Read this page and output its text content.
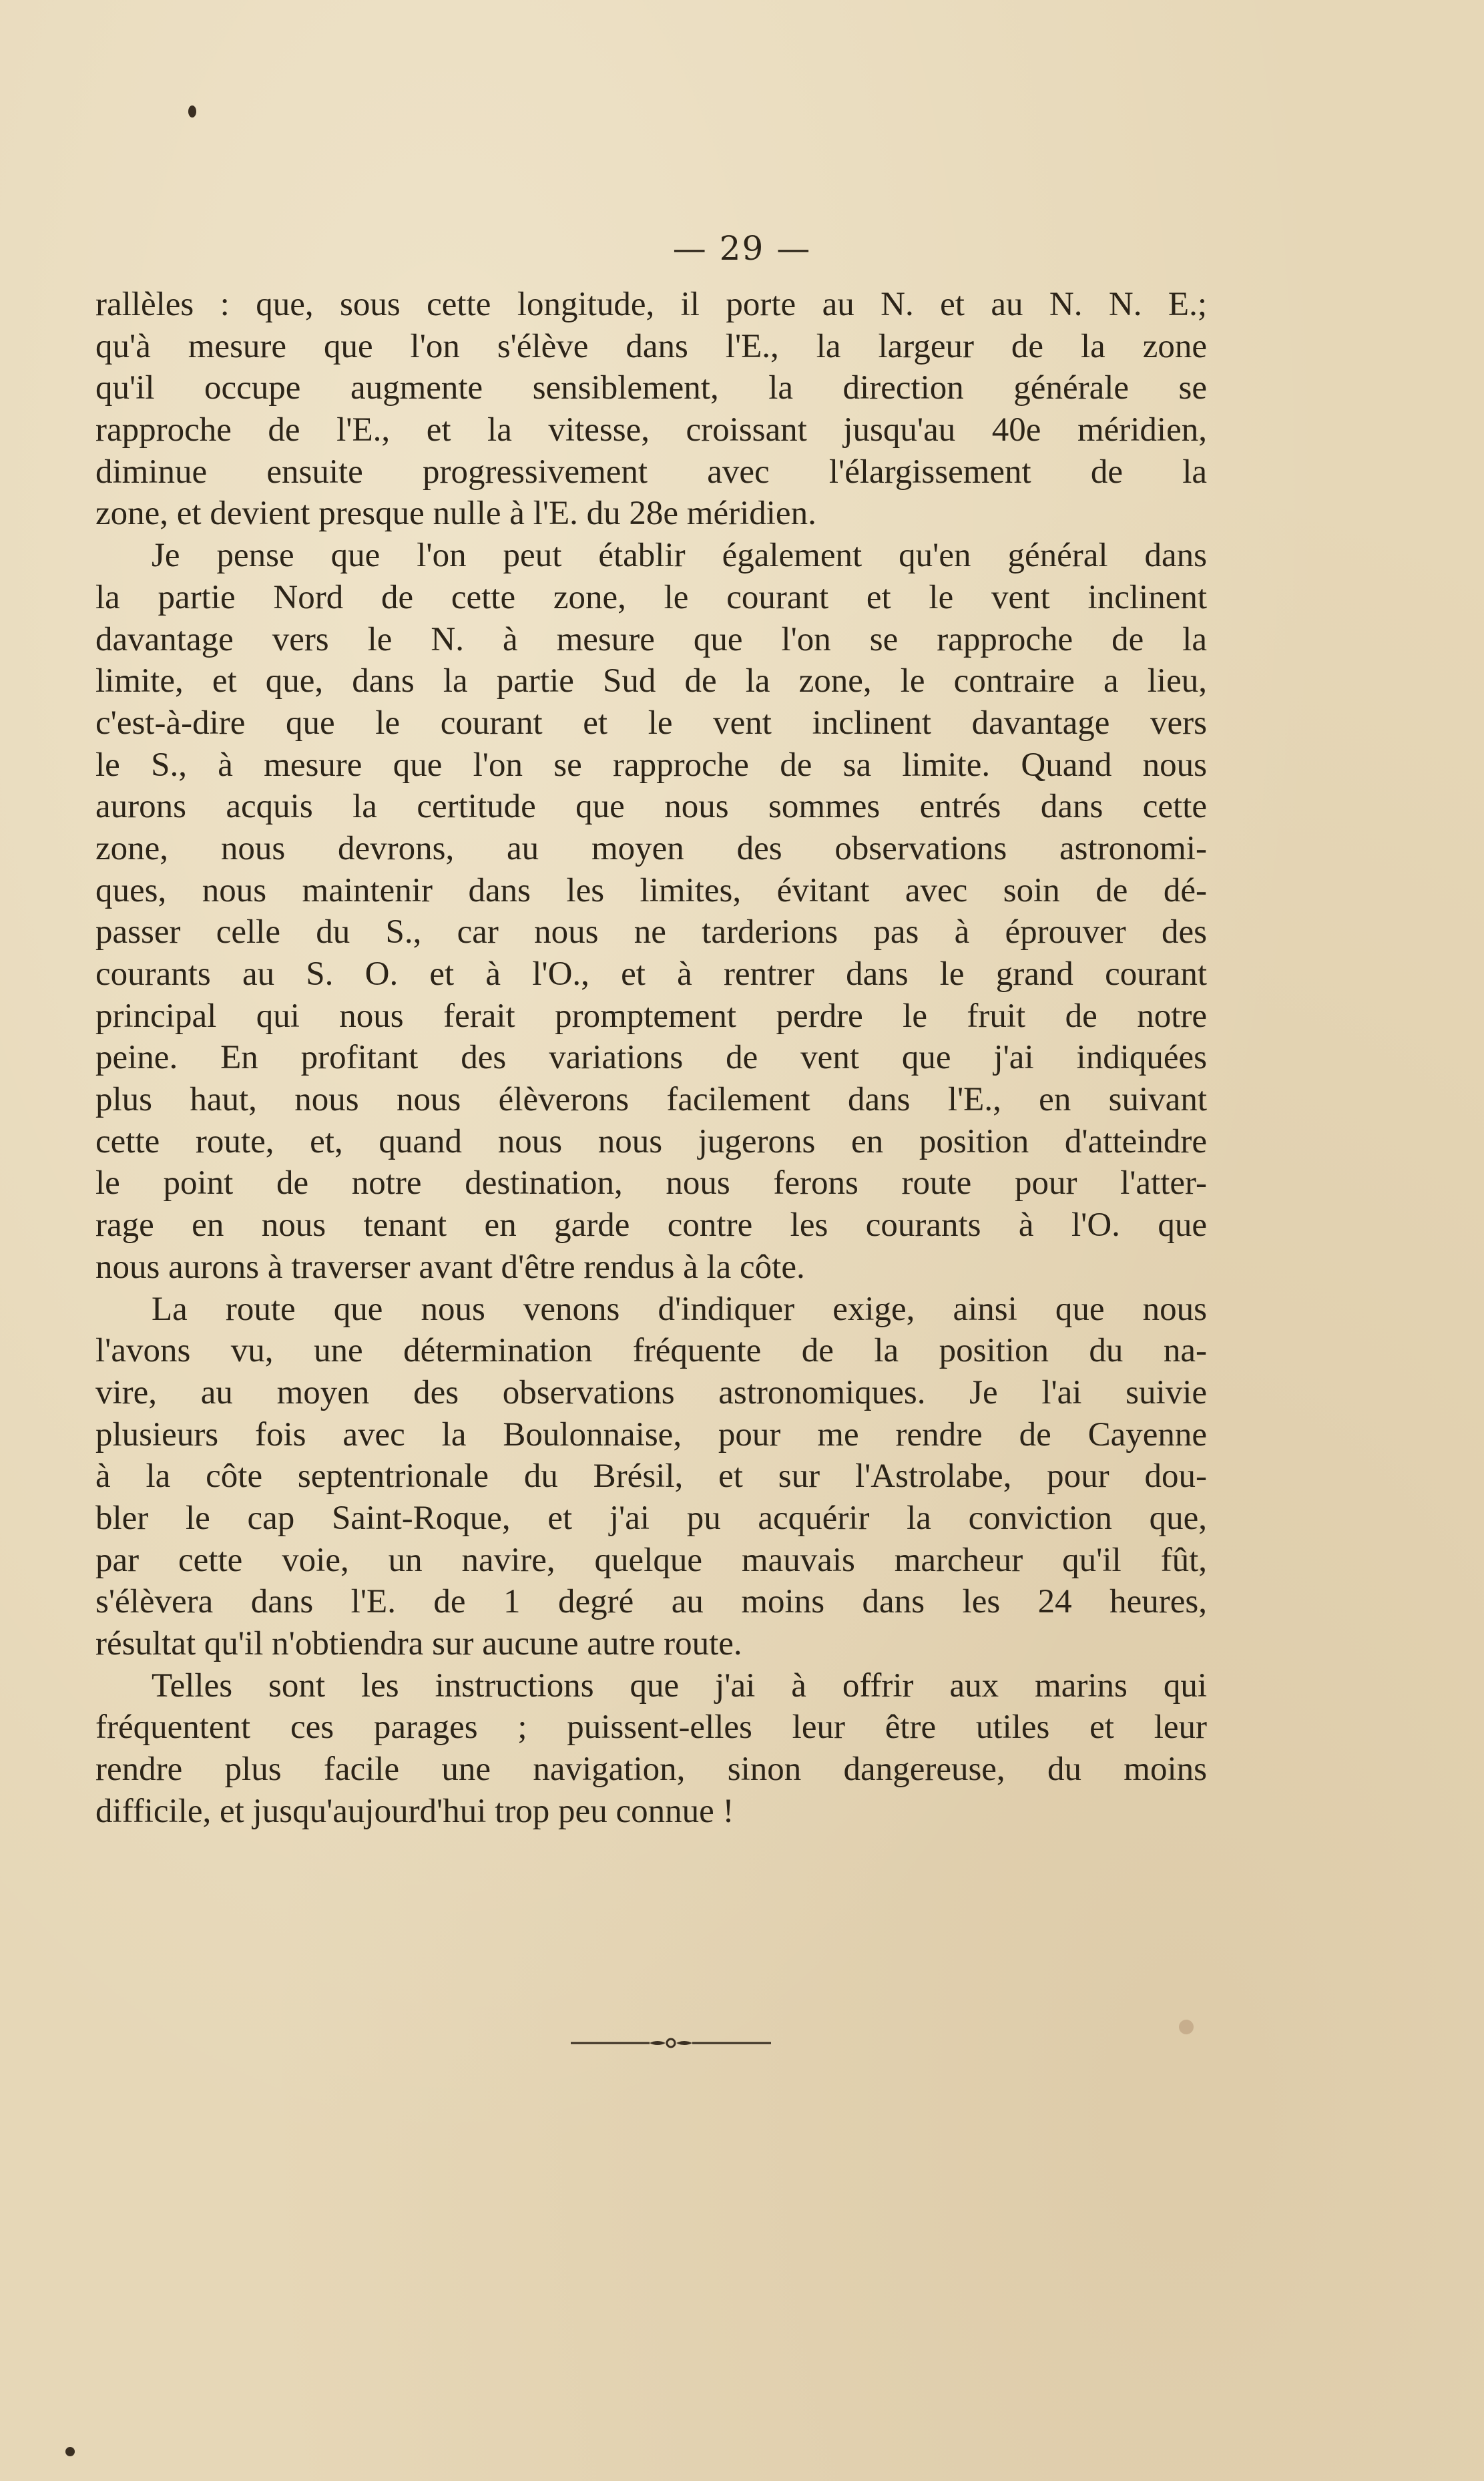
— 29 —
rallèles : que, sous cette longitude, il porte au N. et au N. N. E.;
qu'à mesure que l'on s'élève dans l'E., la largeur de la zone
qu'il occupe augmente sensiblement, la direction générale se
rapproche de l'E., et la vitesse, croissant jusqu'au 40e méridien,
diminue ensuite progressivement avec l'élargissement de la
zone, et devient presque nulle à l'E. du 28e méridien.
Je pense que l'on peut établir également qu'en général dans
la partie Nord de cette zone, le courant et le vent inclinent
davantage vers le N. à mesure que l'on se rapproche de la
limite, et que, dans la partie Sud de la zone, le contraire a lieu,
c'est-à-dire que le courant et le vent inclinent davantage vers
le S., à mesure que l'on se rapproche de sa limite. Quand nous
aurons acquis la certitude que nous sommes entrés dans cette
zone, nous devrons, au moyen des observations astronomi-
ques, nous maintenir dans les limites, évitant avec soin de dé-
passer celle du S., car nous ne tarderions pas à éprouver des
courants au S. O. et à l'O., et à rentrer dans le grand courant
principal qui nous ferait promptement perdre le fruit de notre
peine. En profitant des variations de vent que j'ai indiquées
plus haut, nous nous élèverons facilement dans l'E., en suivant
cette route, et, quand nous nous jugerons en position d'atteindre
le point de notre destination, nous ferons route pour l'atter-
rage en nous tenant en garde contre les courants à l'O. que
nous aurons à traverser avant d'être rendus à la côte.
La route que nous venons d'indiquer exige, ainsi que nous
l'avons vu, une détermination fréquente de la position du na-
vire, au moyen des observations astronomiques. Je l'ai suivie
plusieurs fois avec la Boulonnaise, pour me rendre de Cayenne
à la côte septentrionale du Brésil, et sur l'Astrolabe, pour dou-
bler le cap Saint-Roque, et j'ai pu acquérir la conviction que,
par cette voie, un navire, quelque mauvais marcheur qu'il fût,
s'élèvera dans l'E. de 1 degré au moins dans les 24 heures,
résultat qu'il n'obtiendra sur aucune autre route.
Telles sont les instructions que j'ai à offrir aux marins qui
fréquentent ces parages ; puissent-elles leur être utiles et leur
rendre plus facile une navigation, sinon dangereuse, du moins
difficile, et jusqu'aujourd'hui trop peu connue !
